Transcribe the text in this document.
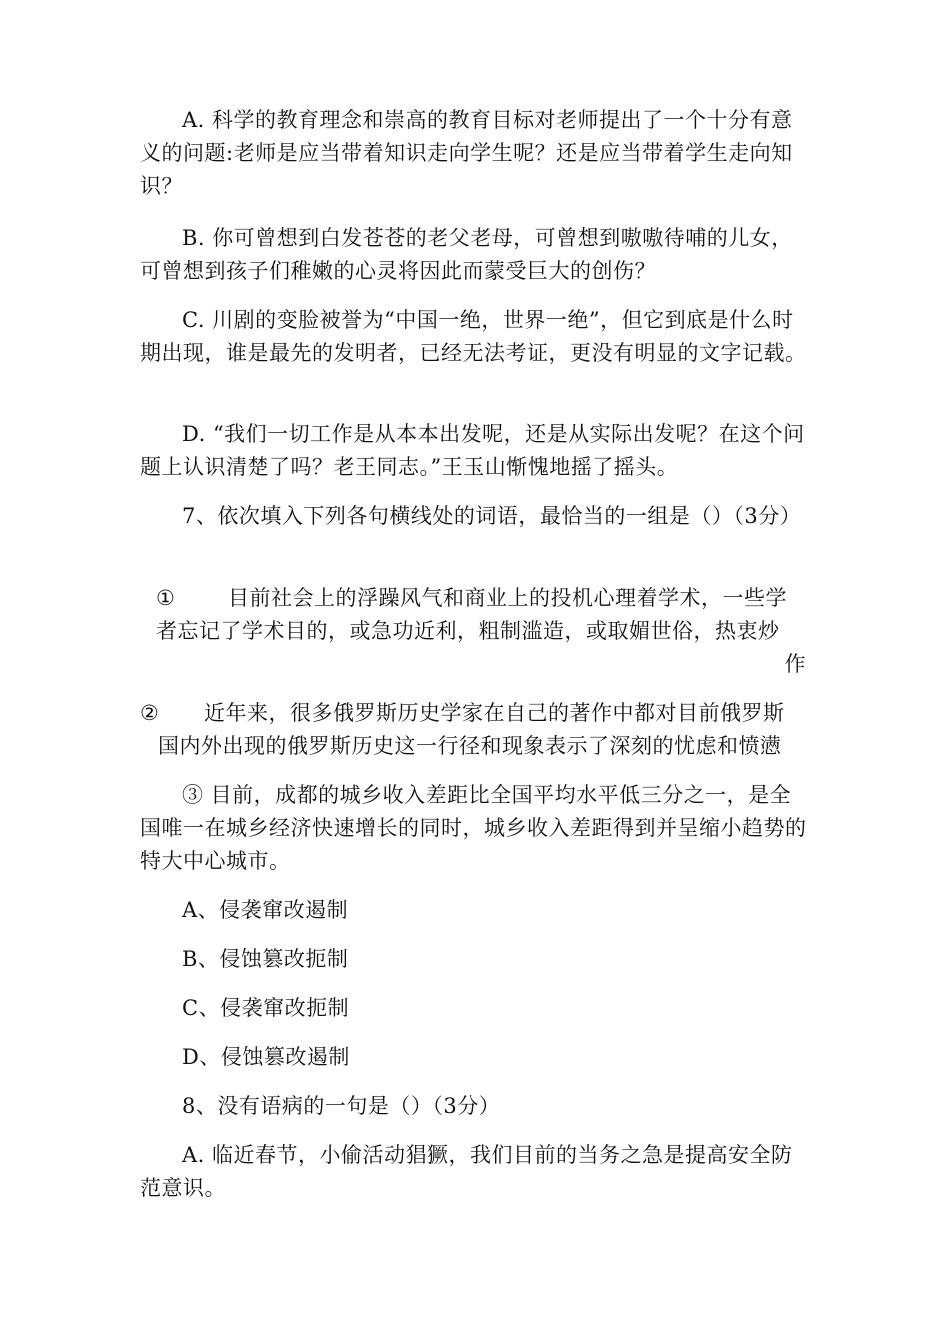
A. 科学的教育理念和崇高的教育目标对老师提出了一个十分有意义的问题:老师是应当带着知识走向学生呢？还是应当带着学生走向知识？
B. 你可曾想到白发苍苍的老父老母，可曾想到嗷嗷待哺的儿女，可曾想到孩子们稚嫩的心灵将因此而蒙受巨大的创伤？
C. 川剧的变脸被誉为“中国一绝，世界一绝”，但它到底是什么时期出现，谁是最先的发明者，已经无法考证，更没有明显的文字记载。
D. “我们一切工作是从本本出发呢，还是从实际出发呢？在这个问题上认识清楚了吗？老王同志。”王玉山惭愧地摇了摇头。
7、依次填入下列各句横线处的词语，最恰当的一组是（）（3分）
①	目前社会上的浮躁风气和商业上的投机心理着学术，一些学
者忘记了学术目的，或急功近利，粗制滥造，或取媚世俗，热衷炒
作
② 近年来，很多俄罗斯历史学家在自己的著作中都对目前俄罗斯
国内外出现的俄罗斯历史这一行径和现象表示了深刻的忧虑和愤懑
③ 目前，成都的城乡收入差距比全国平均水平低三分之一，是全国唯一在城乡经济快速增长的同时，城乡收入差距得到并呈缩小趋势的特大中心城市。
A、侵袭窜改遏制
B、侵蚀篡改扼制
C、侵袭窜改扼制
D、侵蚀篡改遏制
8、没有语病的一句是（）（3分）
A. 临近春节，小偷活动猖獗，我们目前的当务之急是提高安全防范意识。
